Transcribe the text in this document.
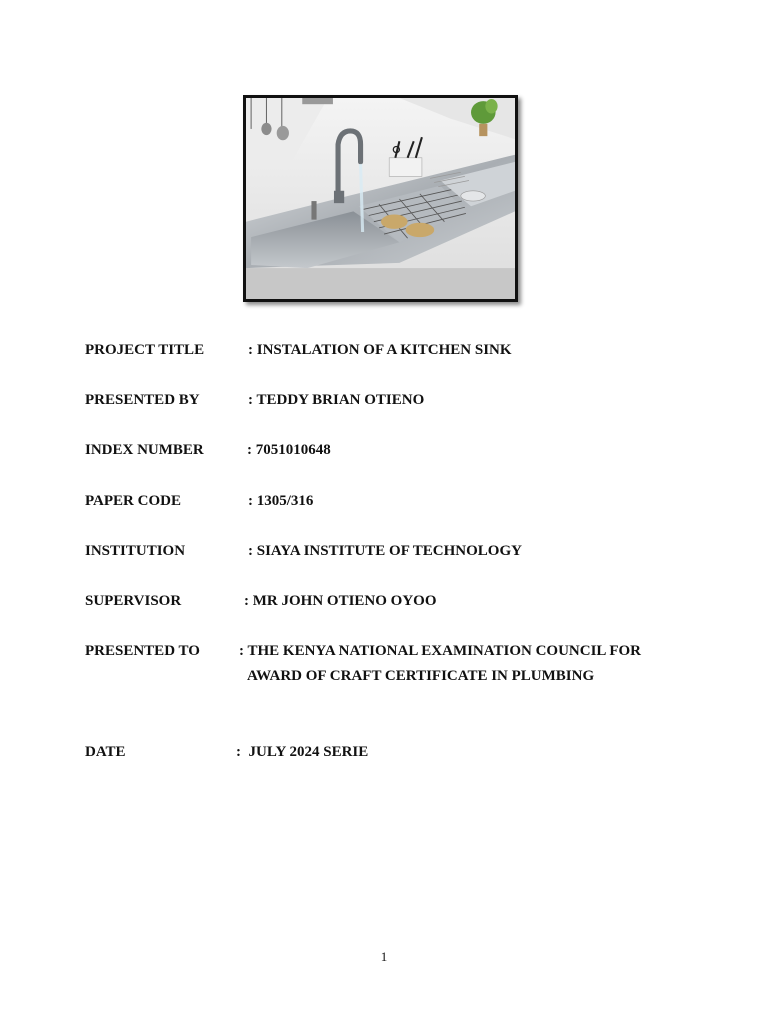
PROJECT TITLE	: INSTALATION OF A KITCHEN SINK
PRESENTED BY	: TEDDY BRIAN OTIENO
INDEX NUMBER	: 7051010648
PAPER CODE	: 1305/316
INSTITUTION	: SIAYA INSTITUTE OF TECHNOLOGY
SUPERVISOR	: MR JOHN OTIENO OYOO
PRESENTED TO	: THE KENYA NATIONAL EXAMINATION COUNCIL FOR
AWARD OF CRAFT CERTIFICATE IN PLUMBING
DATE	:  JULY 2024 SERIE
1
